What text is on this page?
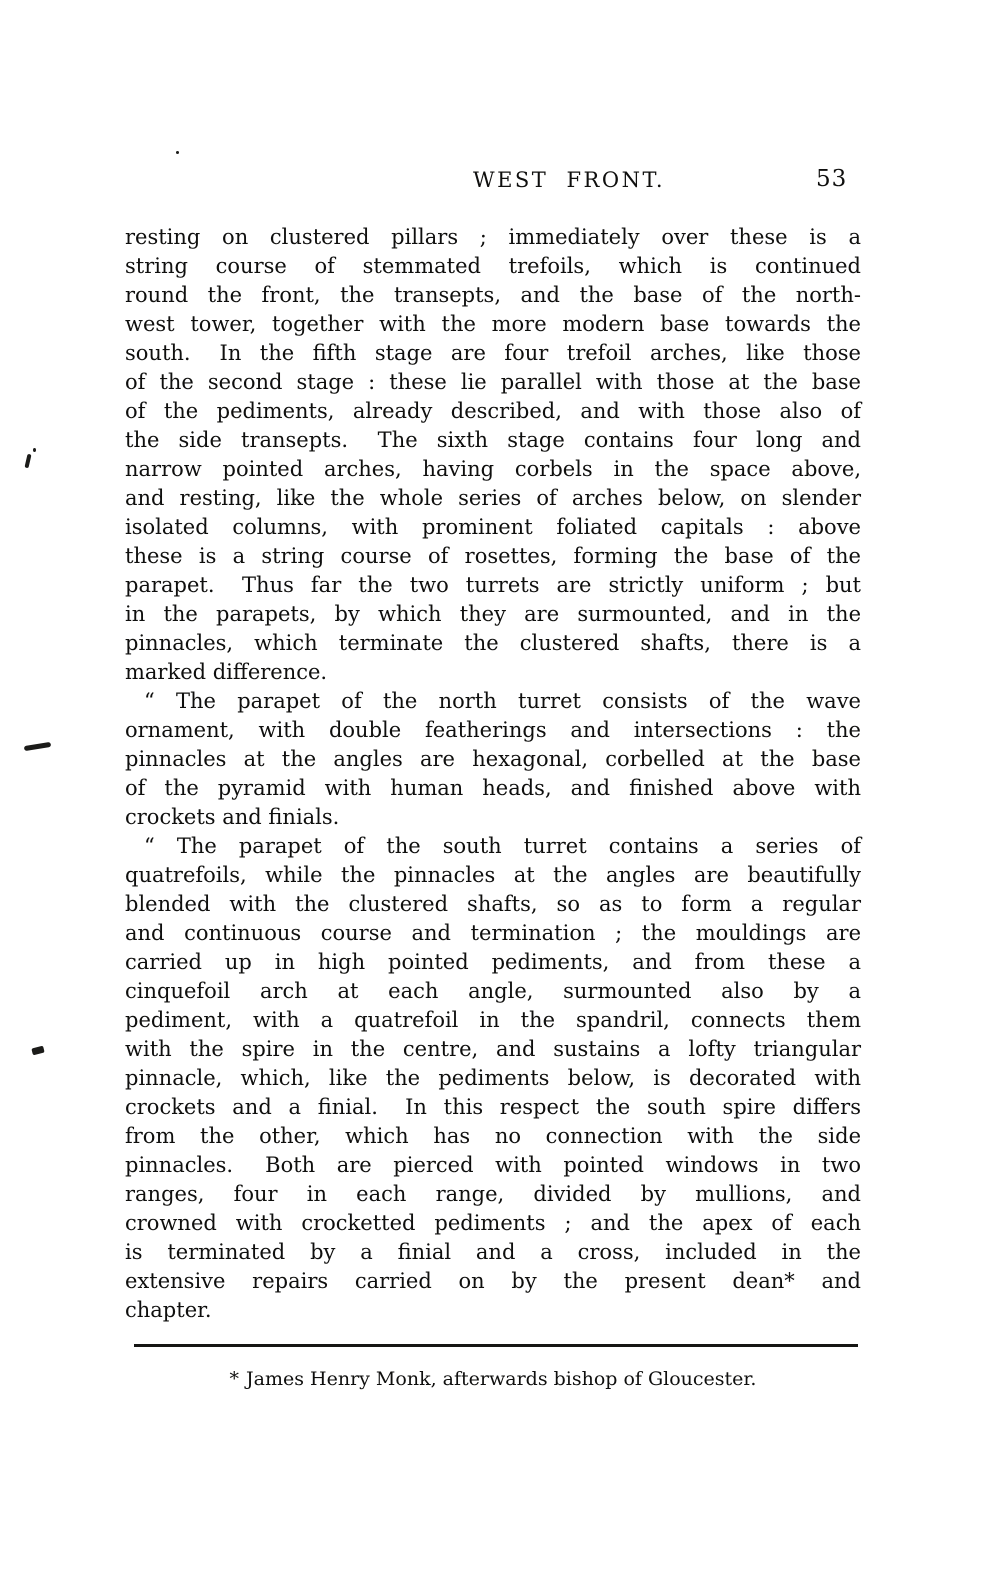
WEST FRONT.	53
resting on clustered pillars ; immediately over these is a
string course of stemmated trefoils, which is continued
round the front, the transepts, and the base of the north-
west tower, together with the more modern base towards the
south.  In the fifth stage are four trefoil arches, like those
of the second stage : these lie parallel with those at the base
of the pediments, already described, and with those also of
the side transepts.  The sixth stage contains four long and
narrow pointed arches, having corbels in the space above,
and resting, like the whole series of arches below, on slender
isolated columns, with prominent foliated capitals : above
these is a string course of rosettes, forming the base of the
parapet.  Thus far the two turrets are strictly uniform ; but
in the parapets, by which they are surmounted, and in the
pinnacles, which terminate the clustered shafts, there is a
marked difference.
“ The parapet of the north turret consists of the wave
ornament, with double featherings and intersections : the
pinnacles at the angles are hexagonal, corbelled at the base
of the pyramid with human heads, and finished above with
crockets and finials.
“ The parapet of the south turret contains a series of
quatrefoils, while the pinnacles at the angles are beautifully
blended with the clustered shafts, so as to form a regular
and continuous course and termination ; the mouldings are
carried up in high pointed pediments, and from these a
cinquefoil arch at each angle, surmounted also by a
pediment, with a quatrefoil in the spandril, connects them
with the spire in the centre, and sustains a lofty triangular
pinnacle, which, like the pediments below, is decorated with
crockets and a finial.  In this respect the south spire differs
from the other, which has no connection with the side
pinnacles.  Both are pierced with pointed windows in two
ranges, four in each range, divided by mullions, and
crowned with crocketted pediments ; and the apex of each
is terminated by a finial and a cross, included in the
extensive repairs carried on by the present dean* and
chapter.
* James Henry Monk, afterwards bishop of Gloucester.
